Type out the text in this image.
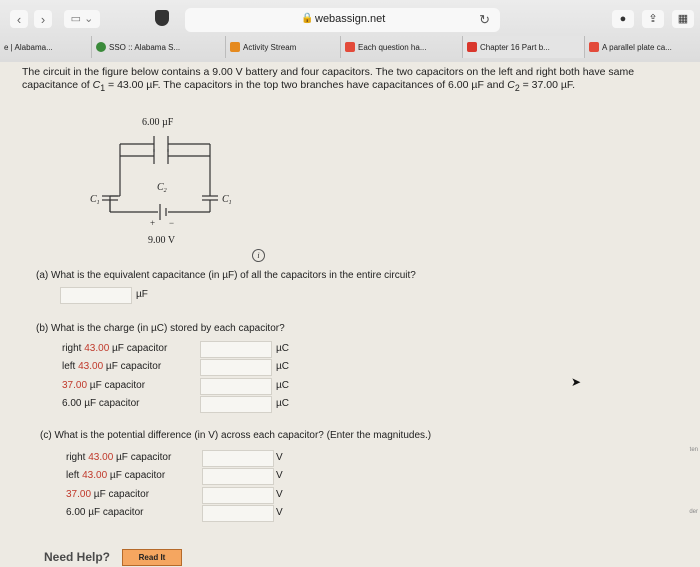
‹	›	▭ ⌄	🔒 webassign.net	↻	●	⇪	▦
e | Alabama...	SSO :: Alabama S...	Activity Stream	Each question ha...	Chapter 16 Part b...	A parallel plate ca...
The circuit in the figure below contains a 9.00 V battery and four capacitors. The two capacitors on the left and right both have same capacitance of $C_1 = 43.00$ µF. The capacitors in the top two branches have capacitances of 6.00 µF and $C_2 = 37.00$ µF.
6.00 µF
$C_2$
$C_1$	$C_1$
+ −
9.00 V
i
(a) What is the equivalent capacitance (in µF) of all the capacitors in the entire circuit?
µF
(b) What is the charge (in µC) stored by each capacitor?
right 43.00 µF capacitor	µC
left 43.00 µF capacitor	µC
37.00 µF capacitor	µC
6.00 µF capacitor	µC
➤
(c) What is the potential difference (in V) across each capacitor? (Enter the magnitudes.)
right 43.00 µF capacitor	V
left 43.00 µF capacitor	V
37.00 µF capacitor	V
6.00 µF capacitor	V
Need Help?	Read It
ten
der
